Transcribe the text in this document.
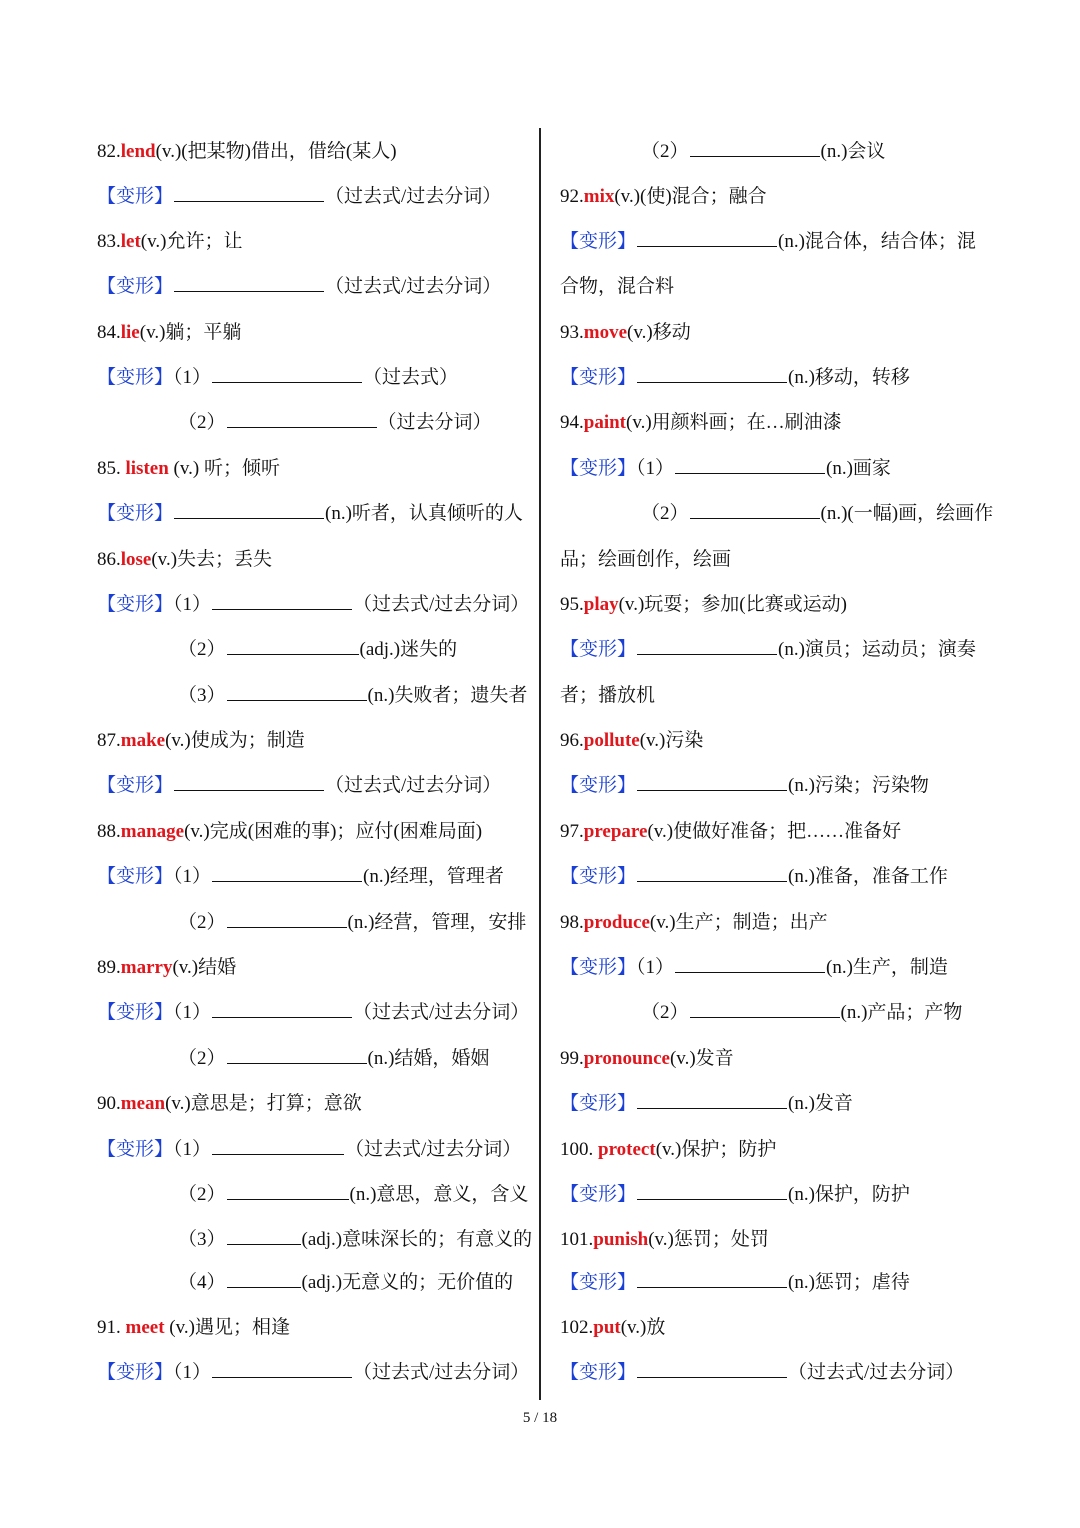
82.lend(v.)(把某物)借出，借给(某人)
【变形】	（过去式/过去分词）
83.let(v.)允许；让
【变形】	（过去式/过去分词）
84.lie(v.)躺；平躺
【变形】（1）	（过去式）
（2）	（过去分词）
85. listen (v.) 听；倾听
【变形】	(n.)听者，认真倾听的人
86.lose(v.)失去；丢失
【变形】（1）	（过去式/过去分词）
（2）	(adj.)迷失的
（3）	(n.)失败者；遗失者
87.make(v.)使成为；制造
【变形】	（过去式/过去分词）
88.manage(v.)完成(困难的事)；应付(困难局面)
【变形】（1）	(n.)经理，管理者
（2）	(n.)经营，管理，安排
89.marry(v.)结婚
【变形】（1）	（过去式/过去分词）
（2）	(n.)结婚，婚姻
90.mean(v.)意思是；打算；意欲
【变形】（1）	（过去式/过去分词）
（2）	(n.)意思，意义，含义
（3）	(adj.)意味深长的；有意义的
（4）	(adj.)无意义的；无价值的
91. meet (v.)遇见；相逢
【变形】（1）	（过去式/过去分词）
（2）	(n.)会议
92.mix(v.)(使)混合；融合
【变形】	(n.)混合体，结合体；混
合物，混合料
93.move(v.)移动
【变形】	(n.)移动，转移
94.paint(v.)用颜料画；在…刷油漆
【变形】（1）	(n.)画家
（2）	(n.)(一幅)画，绘画作
品；绘画创作，绘画
95.play(v.)玩耍；参加(比赛或运动)
【变形】	(n.)演员；运动员；演奏
者；播放机
96.pollute(v.)污染
【变形】	(n.)污染；污染物
97.prepare(v.)使做好准备；把……准备好
【变形】	(n.)准备，准备工作
98.produce(v.)生产；制造；出产
【变形】（1）	(n.)生产，制造
（2）	(n.)产品；产物
99.pronounce(v.)发音
【变形】	(n.)发音
100. protect(v.)保护；防护
【变形】	(n.)保护，防护
101.punish(v.)惩罚；处罚
【变形】	(n.)惩罚；虐待
102.put(v.)放
【变形】	（过去式/过去分词）
5 / 18
